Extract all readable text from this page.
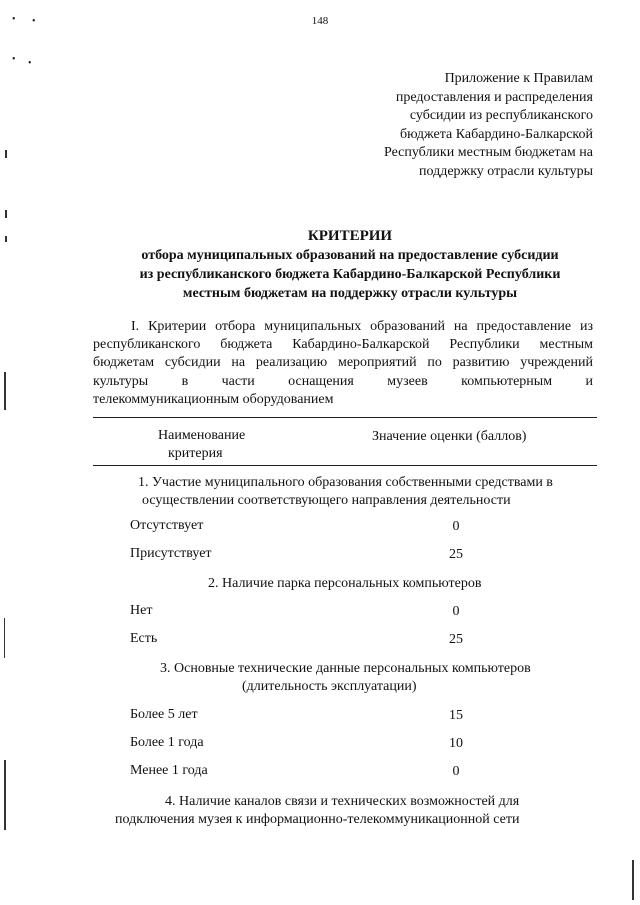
• •
• •
148
Приложение к Правилам
предоставления и распределения
субсидии из республиканского
бюджета Кабардино-Балкарской
Республики местным бюджетам на
поддержку отрасли культуры
КРИТЕРИИ
отбора муниципальных образований на предоставление субсидии
из республиканского бюджета Кабардино-Балкарской Республики
местным бюджетам на поддержку отрасли культуры
I. Критерии отбора муниципальных образований на предоставление из
республиканского бюджета Кабардино-Балкарской Республики местным
бюджетам субсидии на реализацию мероприятий по развитию учреждений
культуры в части оснащения музеев компьютерным и
телекоммуникационным оборудованием
Наименование
критерия
Значение оценки (баллов)
1. Участие муниципального образования собственными средствами в
осуществлении соответствующего направления деятельности
Отсутствует	0
Присутствует	25
2. Наличие парка персональных компьютеров
Нет	0
Есть	25
3. Основные технические данные персональных компьютеров
(длительность эксплуатации)
Более 5 лет	15
Более 1 года	10
Менее 1 года	0
4. Наличие каналов связи и технических возможностей для
подключения музея к информационно-телекоммуникационной сети
